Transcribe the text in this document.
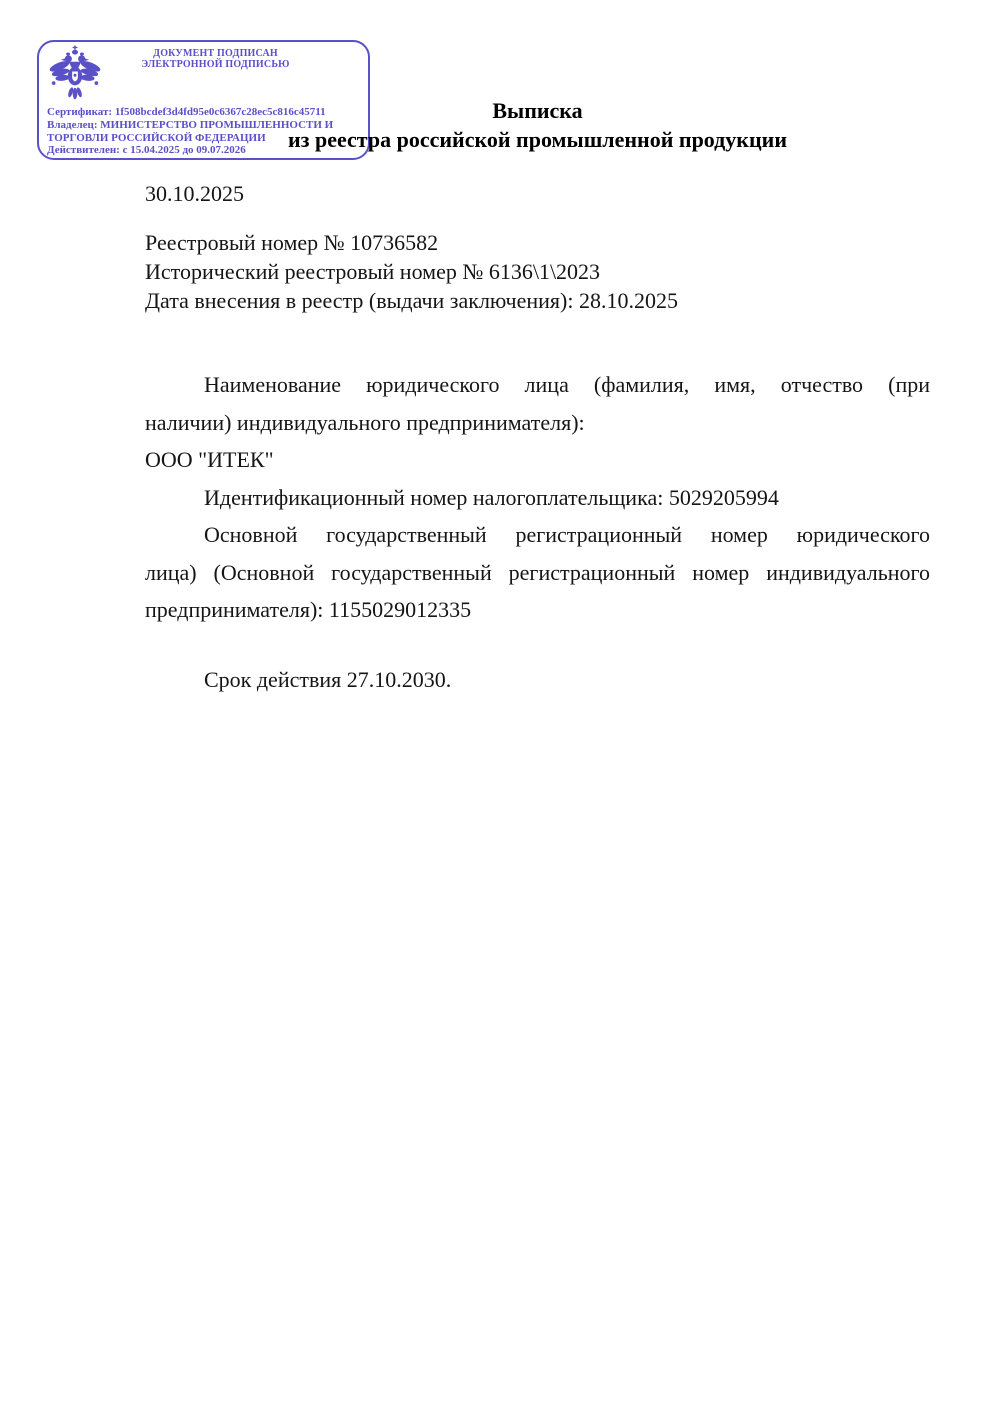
ДОКУМЕНТ ПОДПИСАН
ЭЛЕКТРОННОЙ ПОДПИСЬЮ
Сертификат: 1f508bcdef3d4fd95e0c6367c28ec5c816c45711
Владелец: МИНИСТЕРСТВО ПРОМЫШЛЕННОСТИ И
ТОРГОВЛИ РОССИЙСКОЙ ФЕДЕРАЦИИ
Действителен: с 15.04.2025 до 09.07.2026
Выписка
из реестра российской промышленной продукции
30.10.2025
Реестровый номер № 10736582
Исторический реестровый номер № 6136\1\2023
Дата внесения в реестр (выдачи заключения): 28.10.2025
Наименование юридического лица (фамилия, имя, отчество (при
наличии) индивидуального предпринимателя):
ООО "ИТЕК"
Идентификационный номер налогоплательщика: 5029205994
Основной государственный регистрационный номер юридического
лица) (Основной государственный регистрационный номер индивидуального
предпринимателя): 1155029012335
Срок действия 27.10.2030.
